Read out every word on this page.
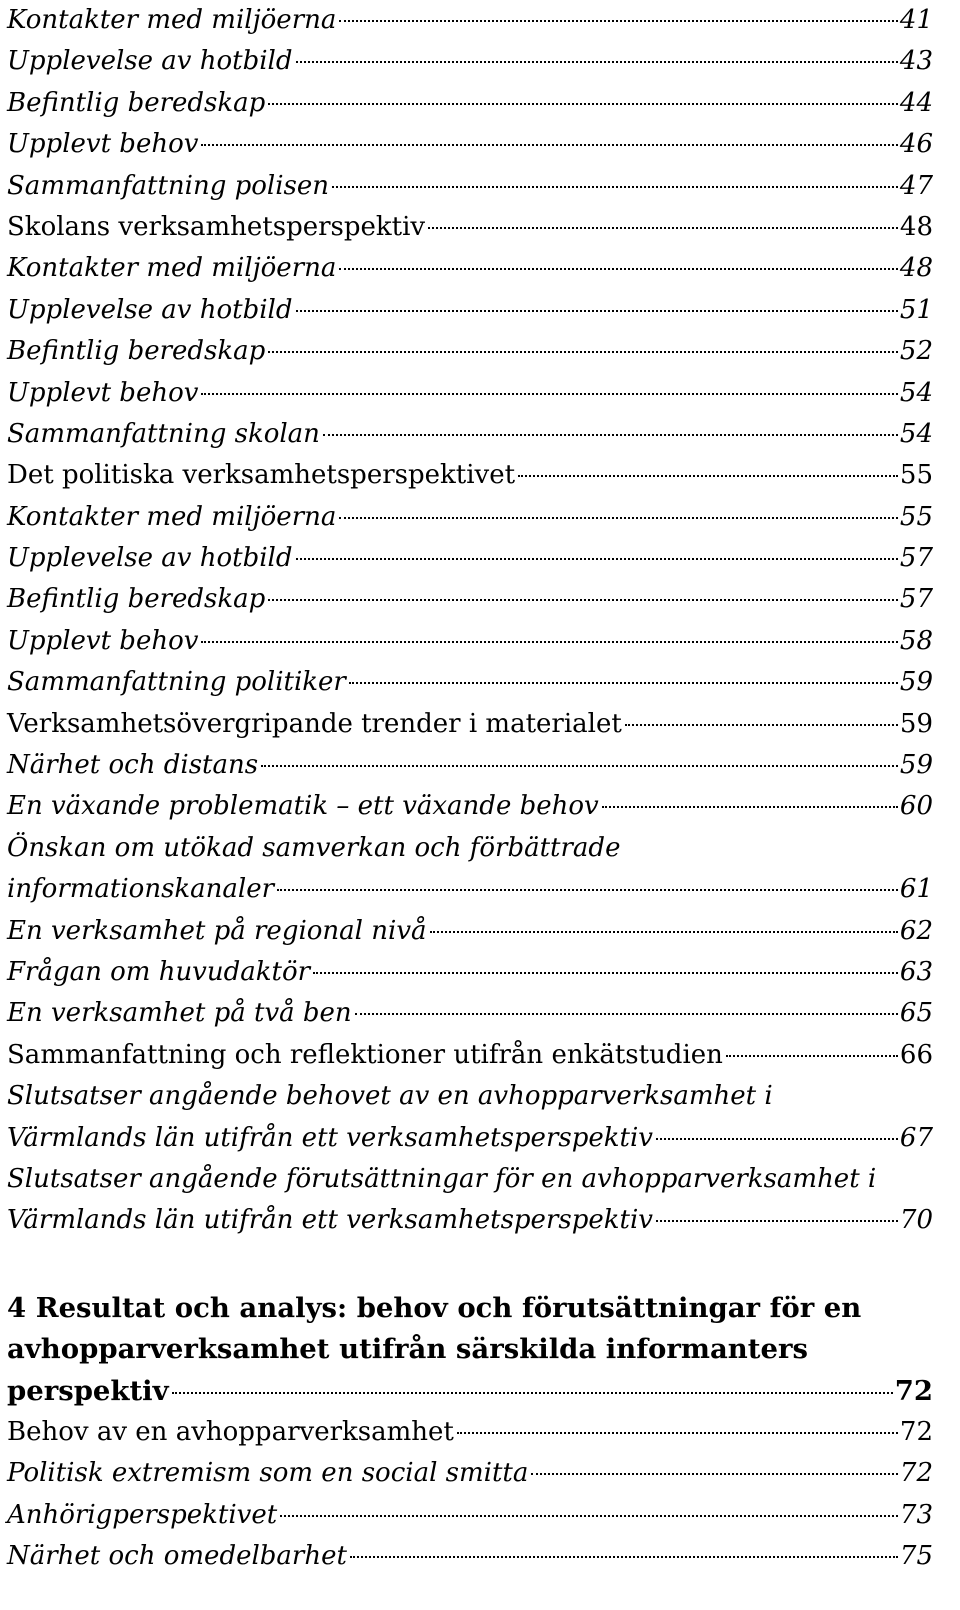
Kontakter med miljöerna	41
Upplevelse av hotbild	43
Befintlig beredskap	44
Upplevt behov	46
Sammanfattning polisen	47
Skolans verksamhetsperspektiv	48
Kontakter med miljöerna	48
Upplevelse av hotbild	51
Befintlig beredskap	52
Upplevt behov	54
Sammanfattning skolan	54
Det politiska verksamhetsperspektivet	55
Kontakter med miljöerna	55
Upplevelse av hotbild	57
Befintlig beredskap	57
Upplevt behov	58
Sammanfattning politiker	59
Verksamhetsövergripande trender i materialet	59
Närhet och distans	59
En växande problematik – ett växande behov	60
Önskan om utökad samverkan och förbättrade
informationskanaler	61
En verksamhet på regional nivå	62
Frågan om huvudaktör	63
En verksamhet på två ben	65
Sammanfattning och reflektioner utifrån enkätstudien	66
Slutsatser angående behovet av en avhopparverksamhet i
Värmlands län utifrån ett verksamhetsperspektiv	67
Slutsatser angående förutsättningar för en avhopparverksamhet i
Värmlands län utifrån ett verksamhetsperspektiv	70
4 Resultat och analys: behov och förutsättningar för en
avhopparverksamhet utifrån särskilda informanters
perspektiv	72
Behov av en avhopparverksamhet	72
Politisk extremism som en social smitta	72
Anhörigperspektivet	73
Närhet och omedelbarhet	75
